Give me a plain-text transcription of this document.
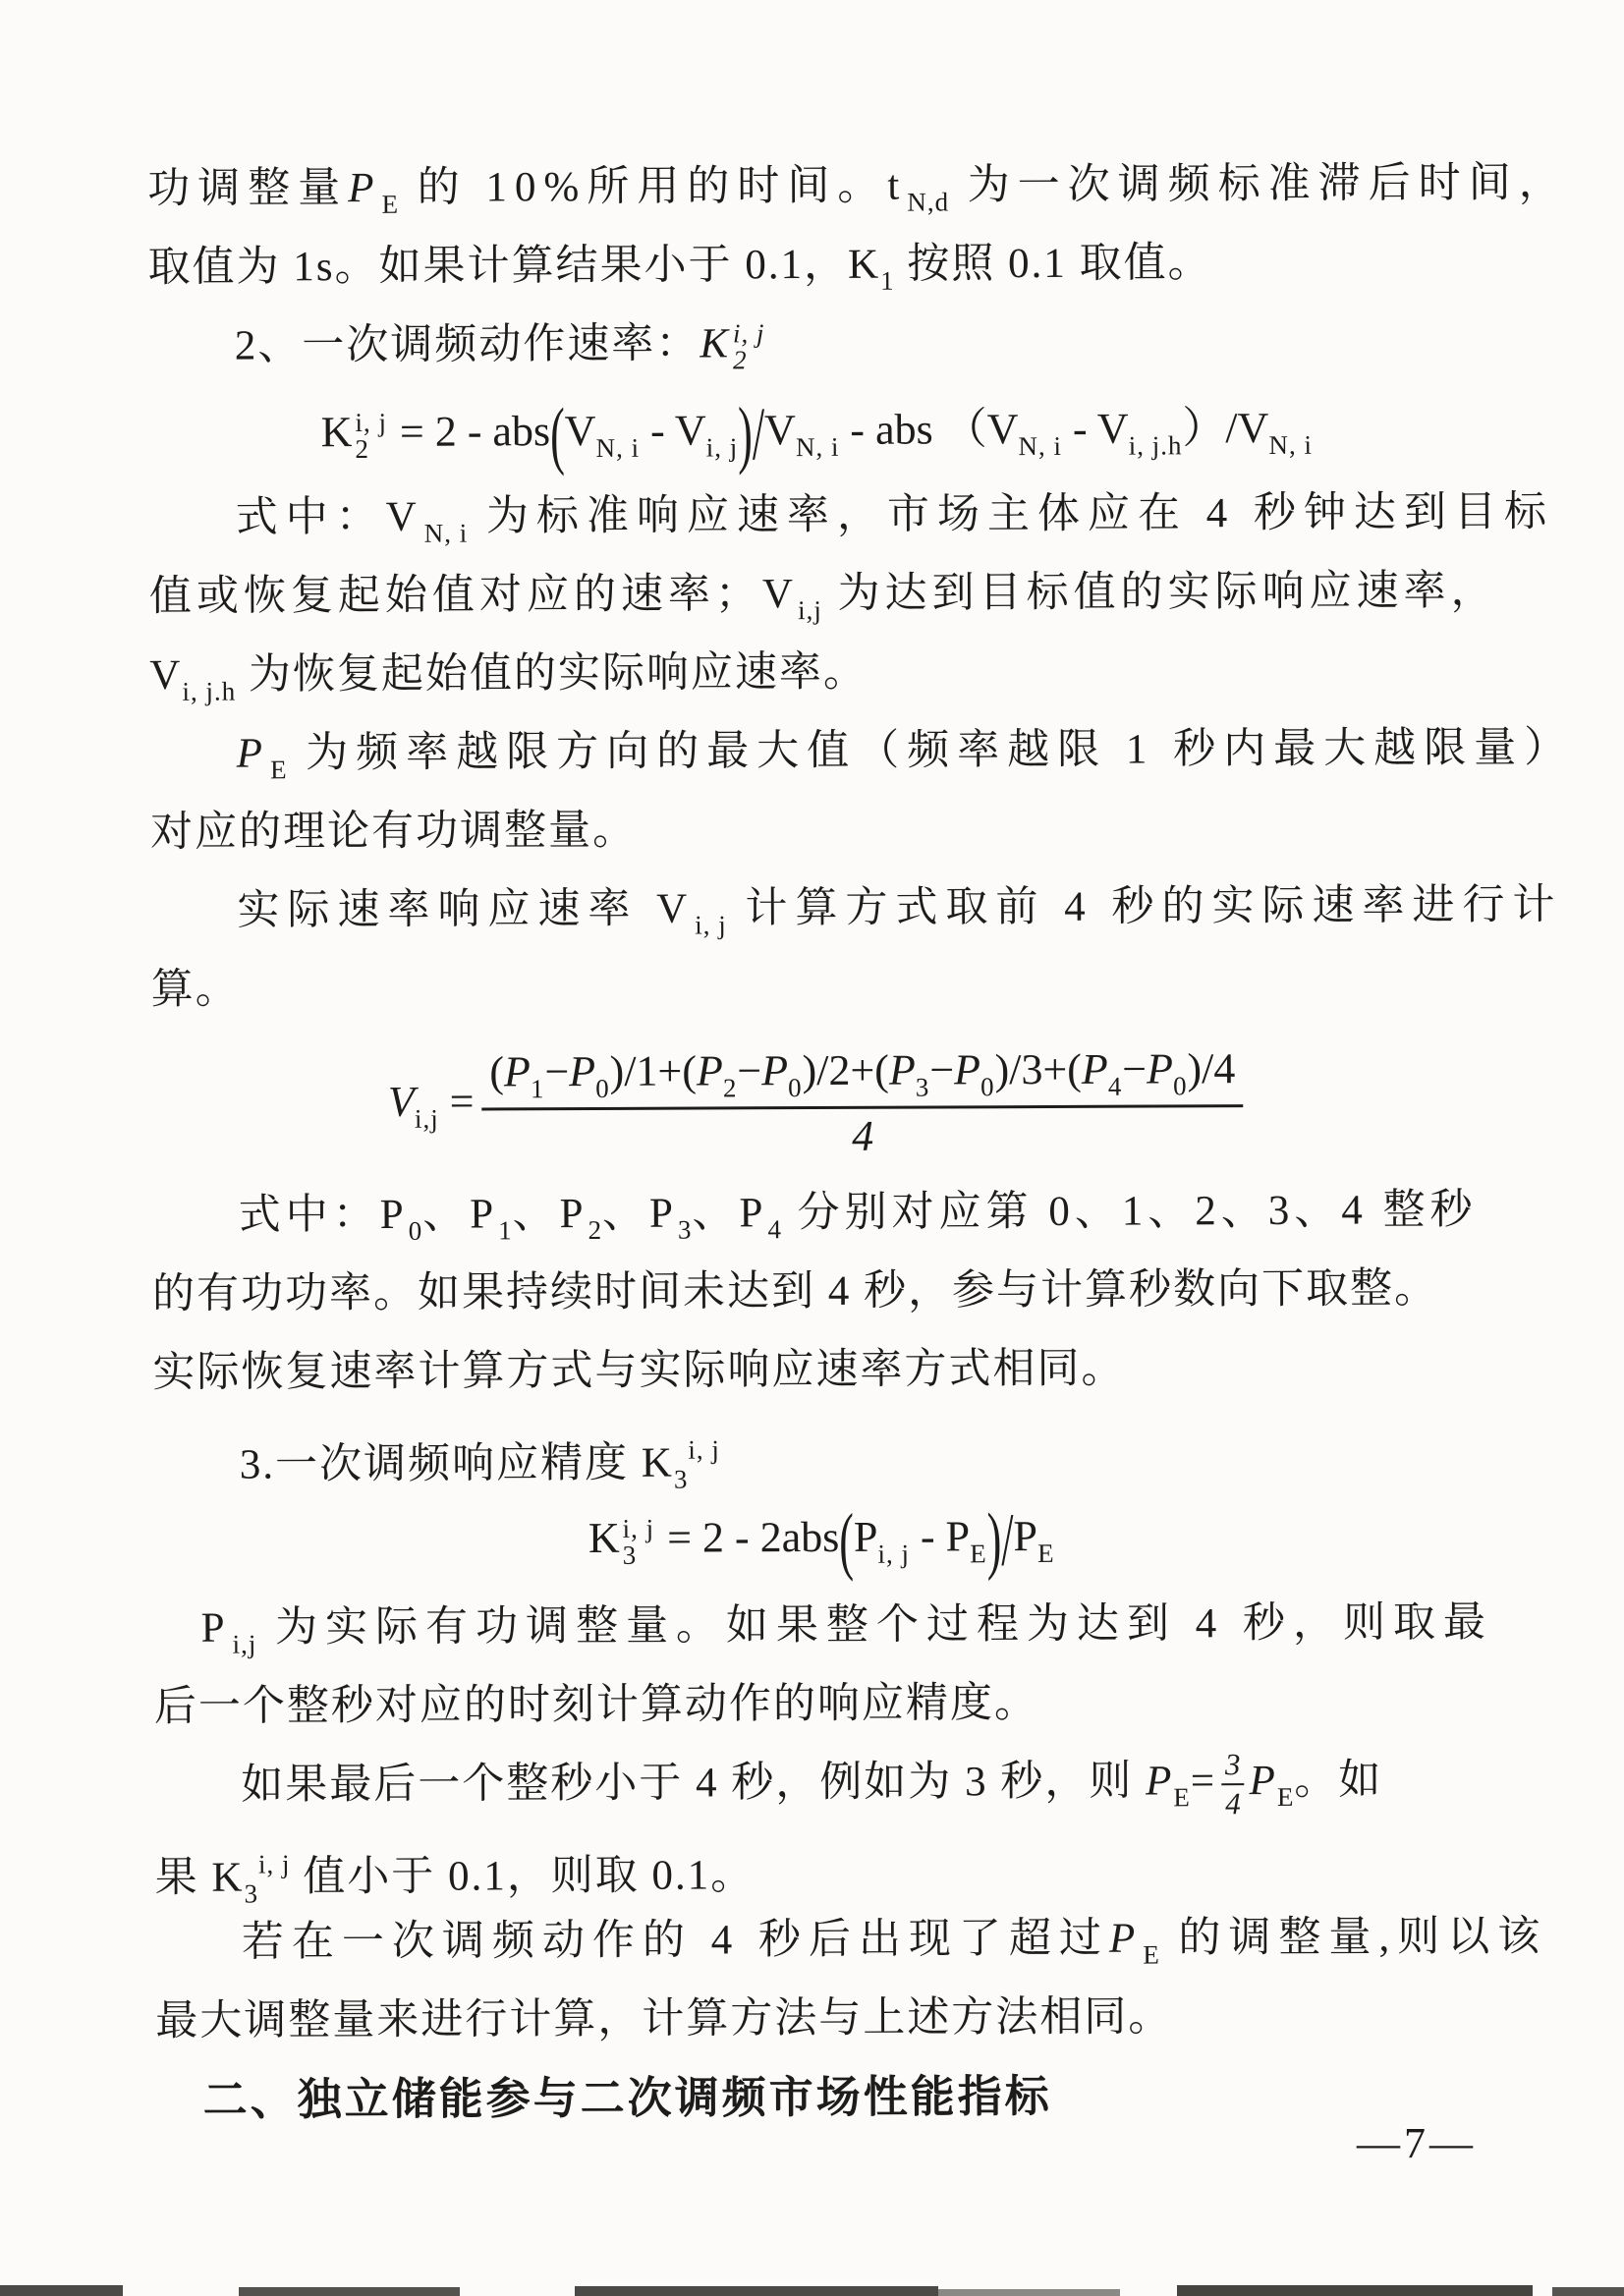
功调整量$P_E$ 的 10%所用的时间。$t_{N,d}$ 为一次调频标准滞后时间，
取值为 1s。如果计算结果小于 0.1，$K_1$ 按照 0.1 取值。
2、一次调频动作速率：K i, j
2
K i, j
$2 = 2 - abs(V_{N, i} - V_{i, j})/V_{N, i}$ - abs $(V_{N, i} - V_{i, j.h})/V_{N, i}$
式中：$V_{N, i}$ 为标准响应速率，市场主体应在 4 秒钟达到目标
值或恢复起始值对应的速率；$V_{i,j}$ 为达到目标值的实际响应速率，
$V_{i, j.h}$ 为恢复起始值的实际响应速率。
$P_E$ 为频率越限方向的最大值（频率越限 1 秒内最大越限量）
对应的理论有功调整量。
实际速率响应速率 $V_{i, j}$ 计算方式取前 4 秒的实际速率进行计
算。
$V_{i,j} = \frac{(P_1-P_0)/1+(P_2-P_0)/2+(P_3-P_0)/3+(P_4-P_0)/4}{4}$
式中：$P_0$、$P_1$、$P_2$、$P_3$、$P_4$ 分别对应第 0、1、2、3、4 整秒
的有功功率。如果持续时间未达到 4 秒，参与计算秒数向下取整。
实际恢复速率计算方式与实际响应速率方式相同。
3.一次调频响应精度 $K_3^{i, j}$
K i, j
$3 = 2 - 2abs(P_{i, j} - P_E)/P_E$
$P_{i,j}$ 为实际有功调整量。如果整个过程为达到 4 秒，则取最
后一个整秒对应的时刻计算动作的响应精度。
如果最后一个整秒小于 4 秒，例如为 3 秒，则 $P_E= \frac{3}{4} P_E$。如
果 $K_3^{i, j}$ 值小于 0.1，则取 0.1。
若在一次调频动作的 4 秒后出现了超过$P_E$ 的调整量,则以该
最大调整量来进行计算，计算方法与上述方法相同。
二、独立储能参与二次调频市场性能指标
—7—
